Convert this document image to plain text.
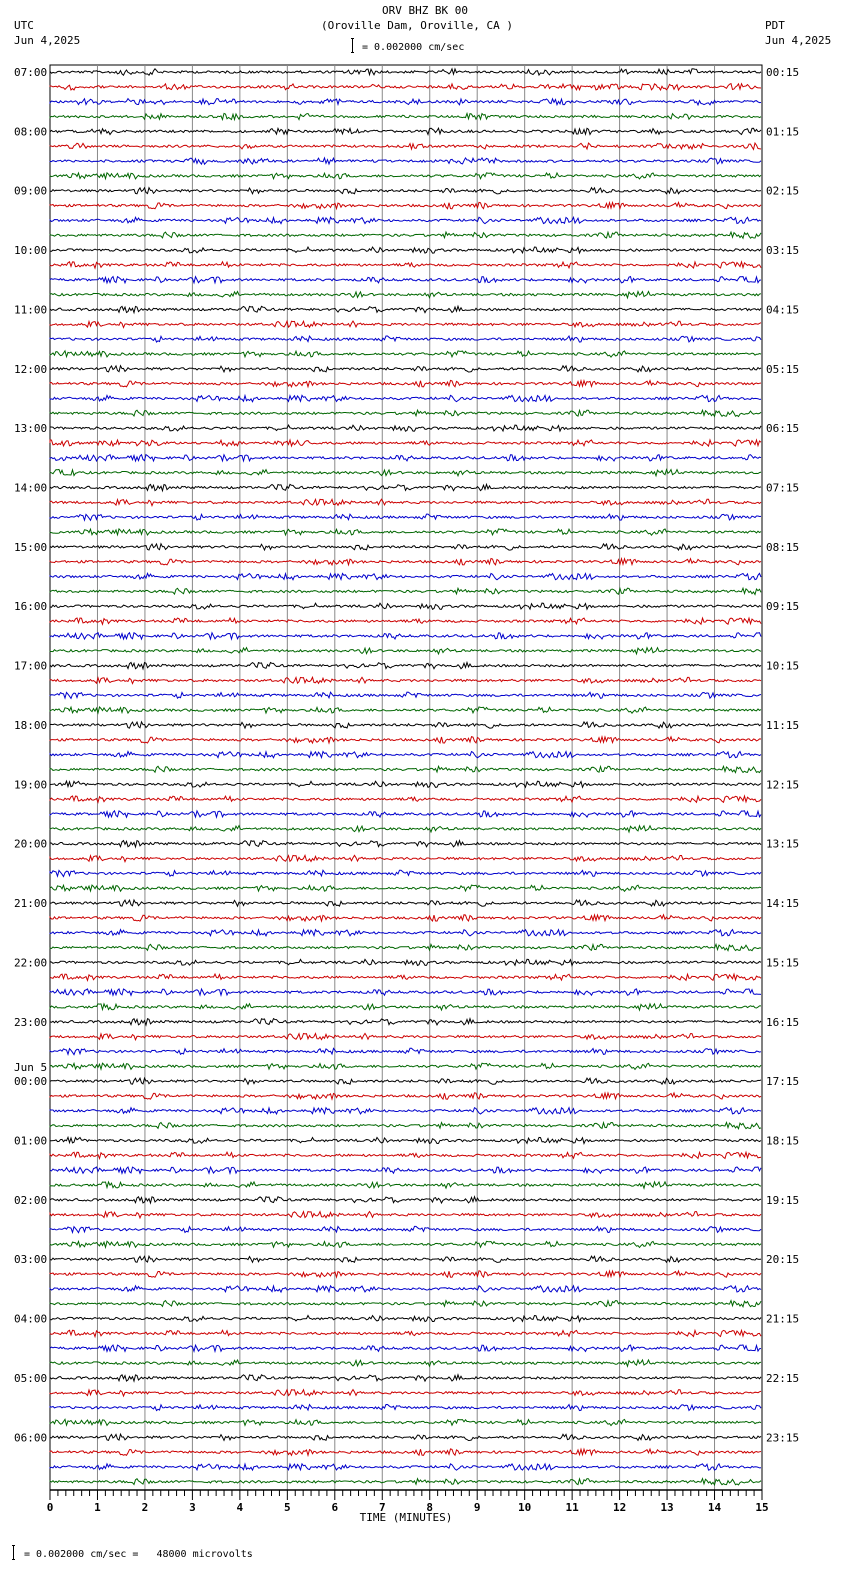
ORV BHZ BK 00
(Oroville Dam, Oroville, CA )
UTC
Jun 4,2025
PDT
Jun 4,2025
= 0.002000 cm/sec
07:00
08:00
09:00
10:00
11:00
12:00
13:00
14:00
15:00
16:00
17:00
18:00
19:00
20:00
21:00
22:00
23:00
00:00
01:00
02:00
03:00
04:00
05:00
06:00
Jun 5
00:15
01:15
02:15
03:15
04:15
05:15
06:15
07:15
08:15
09:15
10:15
11:15
12:15
13:15
14:15
15:15
16:15
17:15
18:15
19:15
20:15
21:15
22:15
23:15
0	1	2	3	4	5	6	7	8	9	10	11	12	13	14	15
TIME (MINUTES)
= 0.002000 cm/sec =   48000 microvolts
